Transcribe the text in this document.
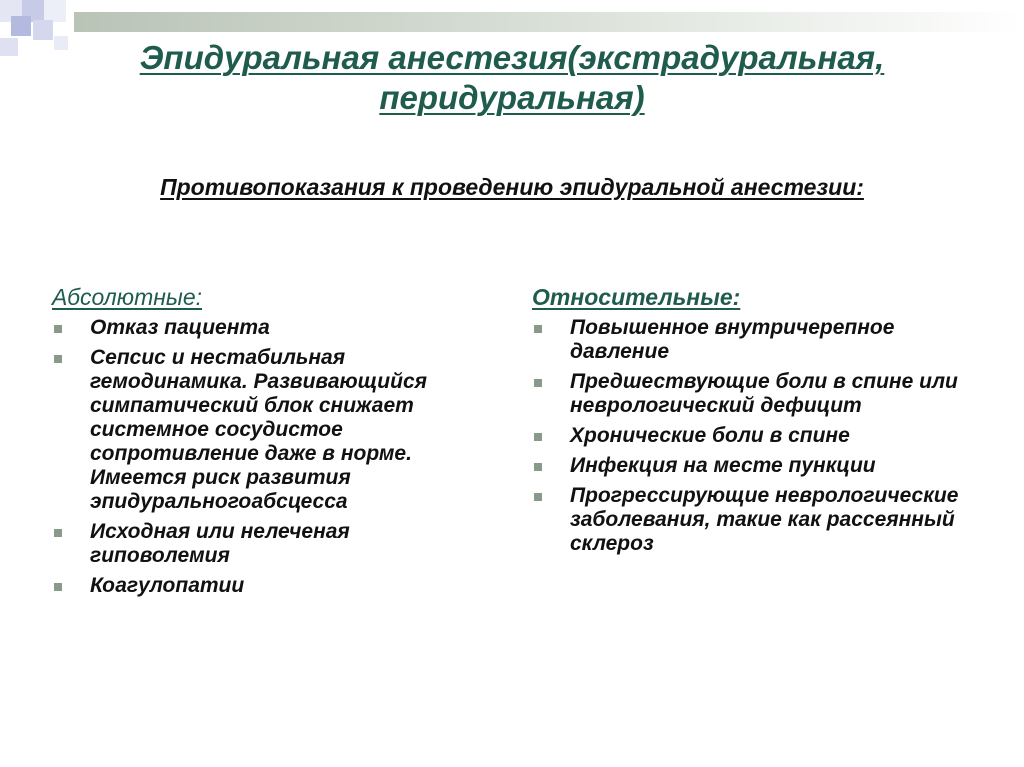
Эпидуральная анестезия(экстрадуральная, перидуральная)
Противопоказания к проведению эпидуральной анестезии:
Абсолютные:
Отказ пациента
Сепсис и нестабильная гемодинамика. Развивающийся симпатический блок снижает системное сосудистое сопротивление даже в норме. Имеется риск развития эпидуральногоабсцесса
Исходная или нелеченая гиповолемия
Коагулопатии
Относительные:
Повышенное внутричерепное давление
Предшествующие боли в спине или неврологический дефицит
Хронические боли в спине
Инфекция на месте пункции
Прогрессирующие неврологические заболевания, такие как рассеянный склероз
